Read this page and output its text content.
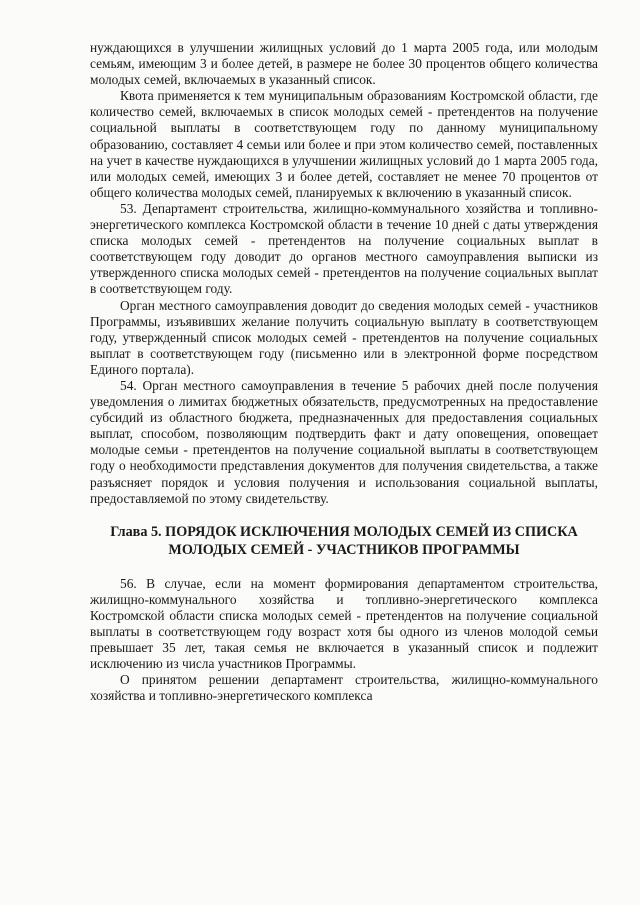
нуждающихся в улучшении жилищных условий до 1 марта 2005 года, или молодым семьям, имеющим 3 и более детей, в размере не более 30 процентов общего количества молодых семей, включаемых в указанный список.

Квота применяется к тем муниципальным образованиям Костромской области, где количество семей, включаемых в список молодых семей - претендентов на получение социальной выплаты в соответствующем году по данному муниципальному образованию, составляет 4 семьи или более и при этом количество семей, поставленных на учет в качестве нуждающихся в улучшении жилищных условий до 1 марта 2005 года, или молодых семей, имеющих 3 и более детей, составляет не менее 70 процентов от общего количества молодых семей, планируемых к включению в указанный список.

53. Департамент строительства, жилищно-коммунального хозяйства и топливно-энергетического комплекса Костромской области в течение 10 дней с даты утверждения списка молодых семей - претендентов на получение социальных выплат в соответствующем году доводит до органов местного самоуправления выписки из утвержденного списка молодых семей - претендентов на получение социальных выплат в соответствующем году.

Орган местного самоуправления доводит до сведения молодых семей - участников Программы, изъявивших желание получить социальную выплату в соответствующем году, утвержденный список молодых семей - претендентов на получение социальных выплат в соответствующем году (письменно или в электронной форме посредством Единого портала).

54. Орган местного самоуправления в течение 5 рабочих дней после получения уведомления о лимитах бюджетных обязательств, предусмотренных на предоставление субсидий из областного бюджета, предназначенных для предоставления социальных выплат, способом, позволяющим подтвердить факт и дату оповещения, оповещает молодые семьи - претендентов на получение социальной выплаты в соответствующем году о необходимости представления документов для получения свидетельства, а также разъясняет порядок и условия получения и использования социальной выплаты, предоставляемой по этому свидетельству.

Глава 5. ПОРЯДОК ИСКЛЮЧЕНИЯ МОЛОДЫХ СЕМЕЙ ИЗ СПИСКА
МОЛОДЫХ СЕМЕЙ - УЧАСТНИКОВ ПРОГРАММЫ

56. В случае, если на момент формирования департаментом строительства, жилищно-коммунального хозяйства и топливно-энергетического комплекса Костромской области списка молодых семей - претендентов на получение социальной выплаты в соответствующем году возраст хотя бы одного из членов молодой семьи превышает 35 лет, такая семья не включается в указанный список и подлежит исключению из числа участников Программы.

О принятом решении департамент строительства, жилищно-коммунального хозяйства и топливно-энергетического комплекса
